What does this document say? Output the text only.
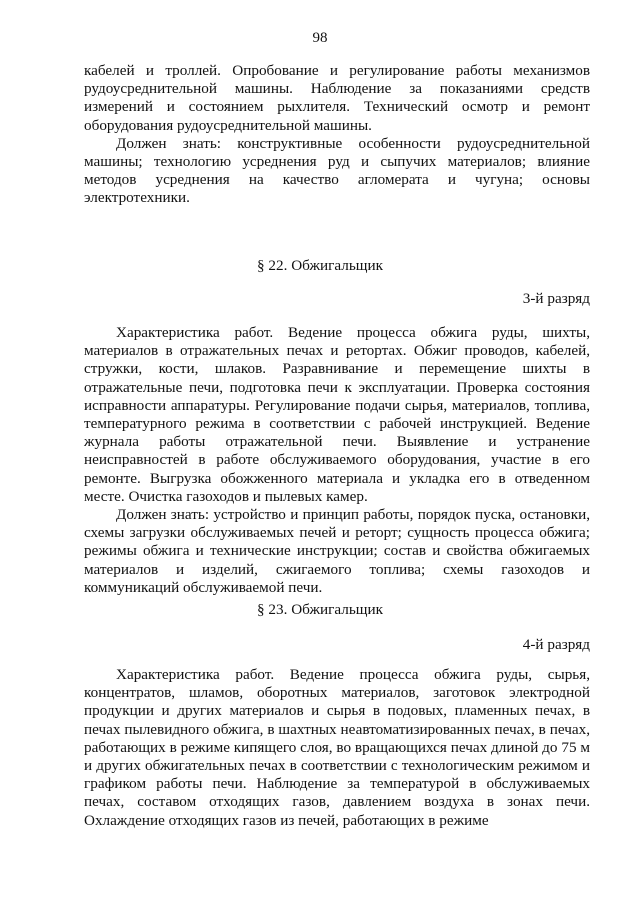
98

кабелей и троллей. Опробование и регулирование работы механизмов рудоусреднительной машины. Наблюдение за показаниями средств измерений и состоянием рыхлителя. Технический осмотр и ремонт оборудования рудоусреднительной машины.

Должен знать: конструктивные особенности рудоусреднительной машины; технологию усреднения руд и сыпучих материалов; влияние методов усреднения на качество агломерата и чугуна; основы электротехники.

§ 22. Обжигальщик
3-й разряд

Характеристика работ. Ведение процесса обжига руды, шихты, материалов в отражательных печах и ретортах. Обжиг проводов, кабелей, стружки, кости, шлаков. Разравнивание и перемещение шихты в отражательные печи, подготовка печи к эксплуатации. Проверка состояния исправности аппаратуры. Регулирование подачи сырья, материалов, топлива, температурного режима в соответствии с рабочей инструкцией. Ведение журнала работы отражательной печи. Выявление и устранение неисправностей в работе обслуживаемого оборудования, участие в его ремонте. Выгрузка обожженного материала и укладка его в отведенном месте. Очистка газоходов и пылевых камер.

Должен знать: устройство и принцип работы, порядок пуска, остановки, схемы загрузки обслуживаемых печей и реторт; сущность процесса обжига; режимы обжига и технические инструкции; состав и свойства обжигаемых материалов и изделий, сжигаемого топлива; схемы газоходов и коммуникаций обслуживаемой печи.

§ 23. Обжигальщик
4-й разряд

Характеристика работ. Ведение процесса обжига руды, сырья, концентратов, шламов, оборотных материалов, заготовок электродной продукции и других материалов и сырья в подовых, пламенных печах, в печах пылевидного обжига, в шахтных неавтоматизированных печах, в печах, работающих в режиме кипящего слоя, во вращающихся печах длиной до 75 м и других обжигательных печах в соответствии с технологическим режимом и графиком работы печи. Наблюдение за температурой в обслуживаемых печах, составом отходящих газов, давлением воздуха в зонах печи. Охлаждение отходящих газов из печей, работающих в режиме
